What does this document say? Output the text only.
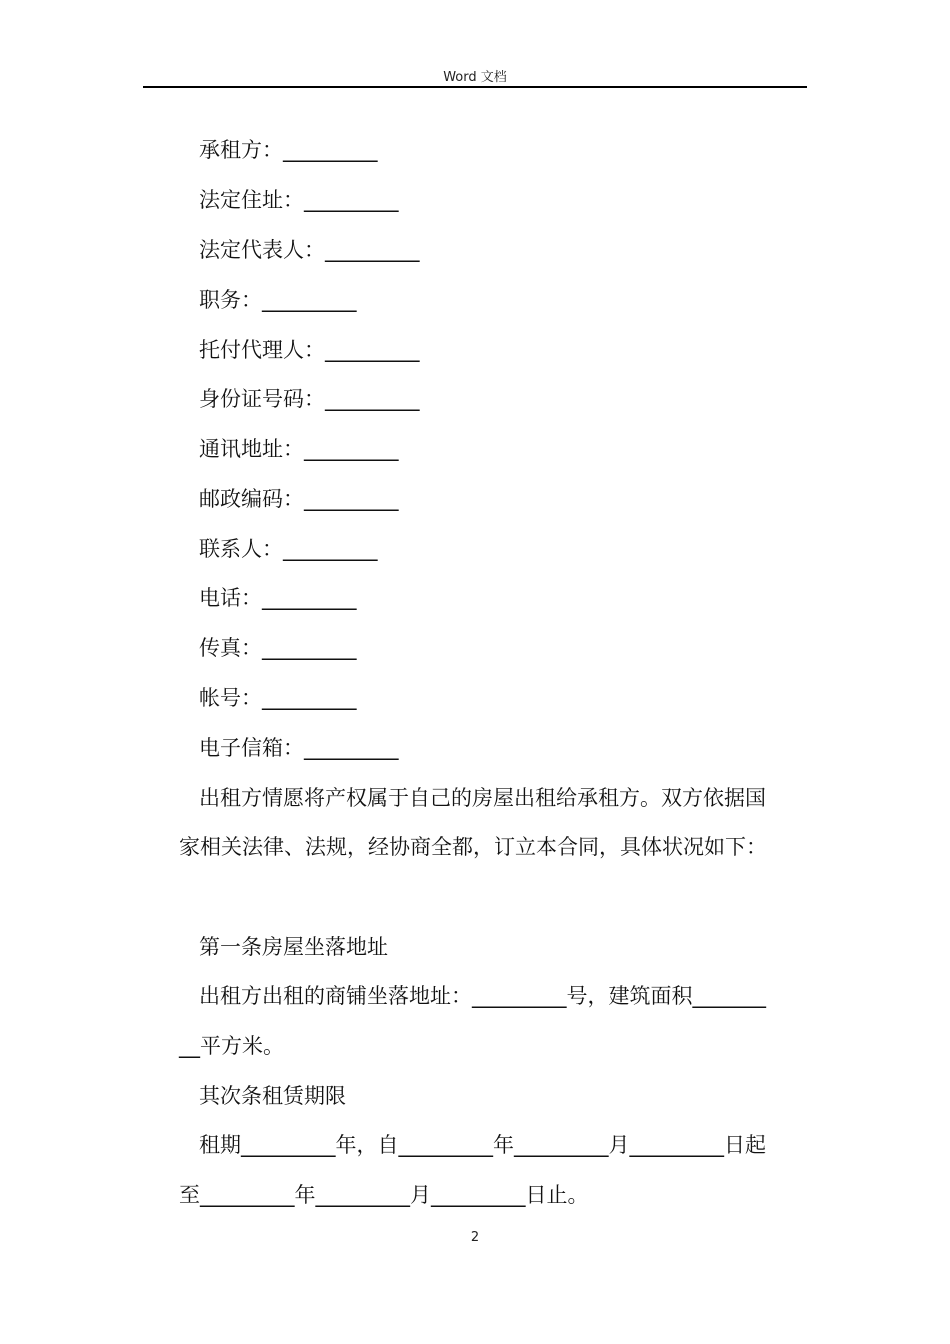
Word 文档
承租方：_________
法定住址：_________
法定代表人：_________
职务：_________
托付代理人：_________
身份证号码：_________
通讯地址：_________
邮政编码：_________
联系人：_________
电话：_________
传真：_________
帐号：_________
电子信箱：_________
出租方情愿将产权属于自己的房屋出租给承租方。双方依据国
家相关法律、法规，经协商全都，订立本合同，具体状况如下：
第一条房屋坐落地址
出租方出租的商铺坐落地址：_________号，建筑面积_______
__平方米。
其次条租赁期限
租期_________年，自_________年_________月_________日起
至_________年_________月_________日止。
2
